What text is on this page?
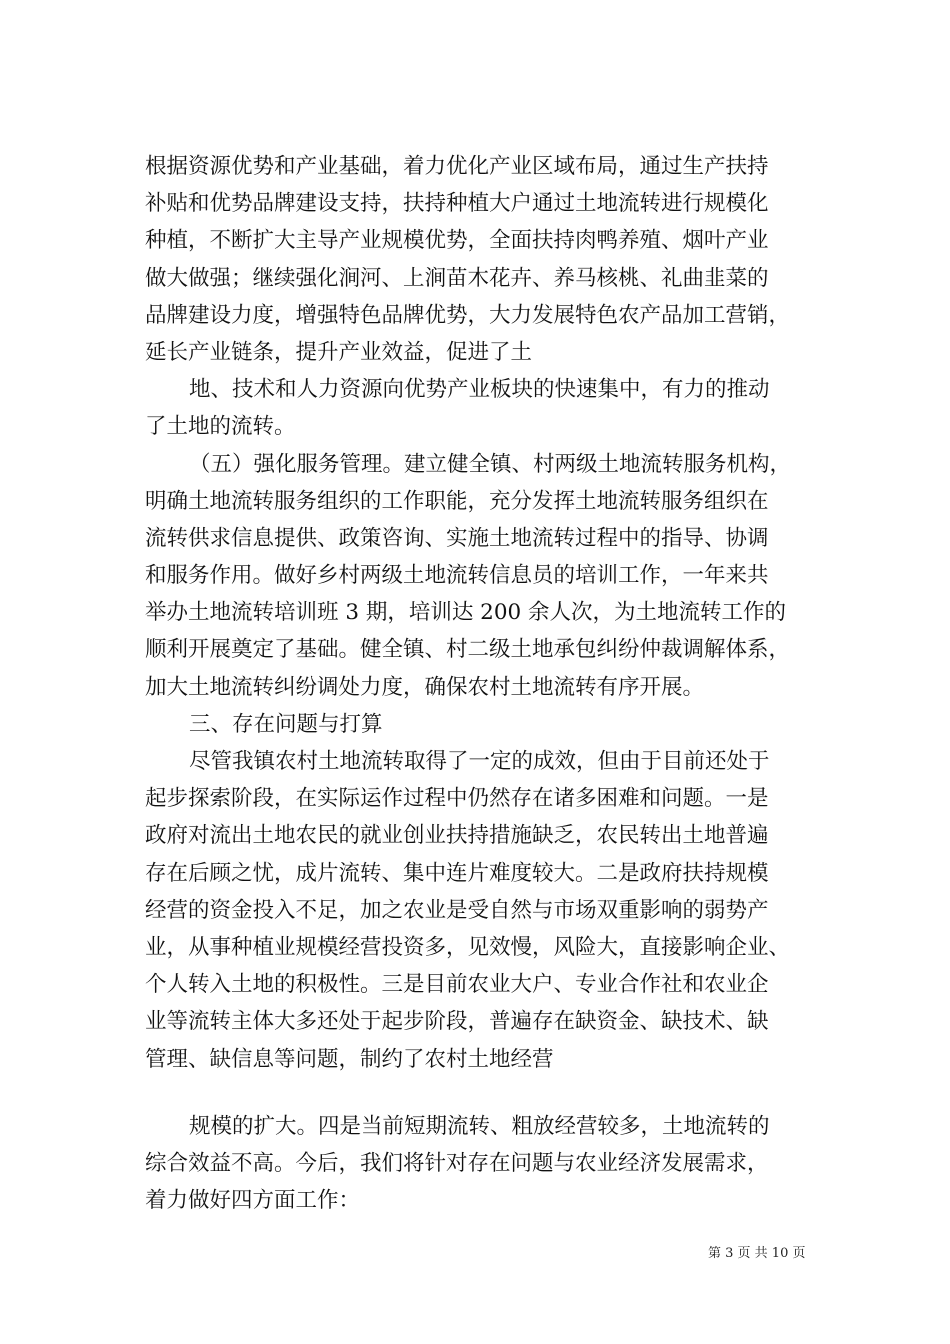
根据资源优势和产业基础，着力优化产业区域布局，通过生产扶持
补贴和优势品牌建设支持，扶持种植大户通过土地流转进行规模化
种植，不断扩大主导产业规模优势，全面扶持肉鸭养殖、烟叶产业
做大做强；继续强化涧河、上涧苗木花卉、养马核桃、礼曲韭菜的
品牌建设力度，增强特色品牌优势，大力发展特色农产品加工营销，
延长产业链条，提升产业效益，促进了土
地、技术和人力资源向优势产业板块的快速集中，有力的推动
了土地的流转。
（五）强化服务管理。建立健全镇、村两级土地流转服务机构，
明确土地流转服务组织的工作职能，充分发挥土地流转服务组织在
流转供求信息提供、政策咨询、实施土地流转过程中的指导、协调
和服务作用。做好乡村两级土地流转信息员的培训工作，一年来共
举办土地流转培训班 3 期，培训达 200 余人次，为土地流转工作的
顺利开展奠定了基础。健全镇、村二级土地承包纠纷仲裁调解体系，
加大土地流转纠纷调处力度，确保农村土地流转有序开展。
三、存在问题与打算
尽管我镇农村土地流转取得了一定的成效，但由于目前还处于
起步探索阶段，在实际运作过程中仍然存在诸多困难和问题。一是
政府对流出土地农民的就业创业扶持措施缺乏，农民转出土地普遍
存在后顾之忧，成片流转、集中连片难度较大。二是政府扶持规模
经营的资金投入不足，加之农业是受自然与市场双重影响的弱势产
业，从事种植业规模经营投资多，见效慢，风险大，直接影响企业、
个人转入土地的积极性。三是目前农业大户、专业合作社和农业企
业等流转主体大多还处于起步阶段，普遍存在缺资金、缺技术、缺
管理、缺信息等问题，制约了农村土地经营
规模的扩大。四是当前短期流转、粗放经营较多，土地流转的
综合效益不高。今后，我们将针对存在问题与农业经济发展需求，
着力做好四方面工作：
第 3 页 共 10 页
